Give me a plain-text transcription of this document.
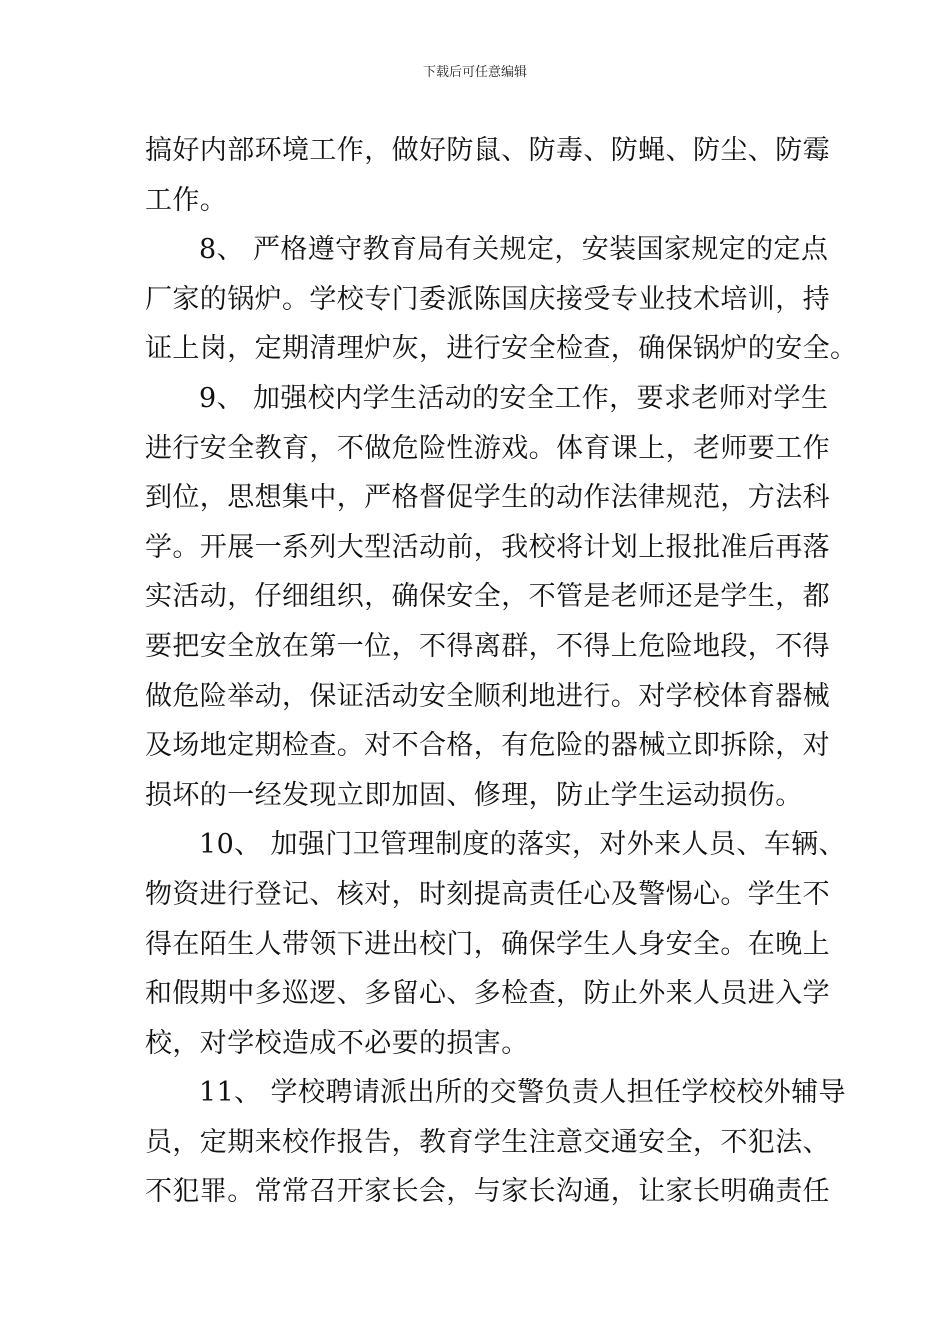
下载后可任意编辑
搞好内部环境工作，做好防鼠、防毒、防蝇、防尘、防霉
工作。
8、 严格遵守教育局有关规定，安装国家规定的定点
厂家的锅炉。学校专门委派陈国庆接受专业技术培训，持
证上岗，定期清理炉灰，进行安全检查，确保锅炉的安全。
9、 加强校内学生活动的安全工作，要求老师对学生
进行安全教育，不做危险性游戏。体育课上，老师要工作
到位，思想集中，严格督促学生的动作法律规范，方法科
学。开展一系列大型活动前，我校将计划上报批准后再落
实活动，仔细组织，确保安全，不管是老师还是学生，都
要把安全放在第一位，不得离群，不得上危险地段，不得
做危险举动，保证活动安全顺利地进行。对学校体育器械
及场地定期检查。对不合格，有危险的器械立即拆除，对
损坏的一经发现立即加固、修理，防止学生运动损伤。
10、 加强门卫管理制度的落实，对外来人员、车辆、
物资进行登记、核对，时刻提高责任心及警惕心。学生不
得在陌生人带领下进出校门，确保学生人身安全。在晚上
和假期中多巡逻、多留心、多检查，防止外来人员进入学
校，对学校造成不必要的损害。
11、 学校聘请派出所的交警负责人担任学校校外辅导
员，定期来校作报告，教育学生注意交通安全，不犯法、
不犯罪。常常召开家长会，与家长沟通，让家长明确责任
